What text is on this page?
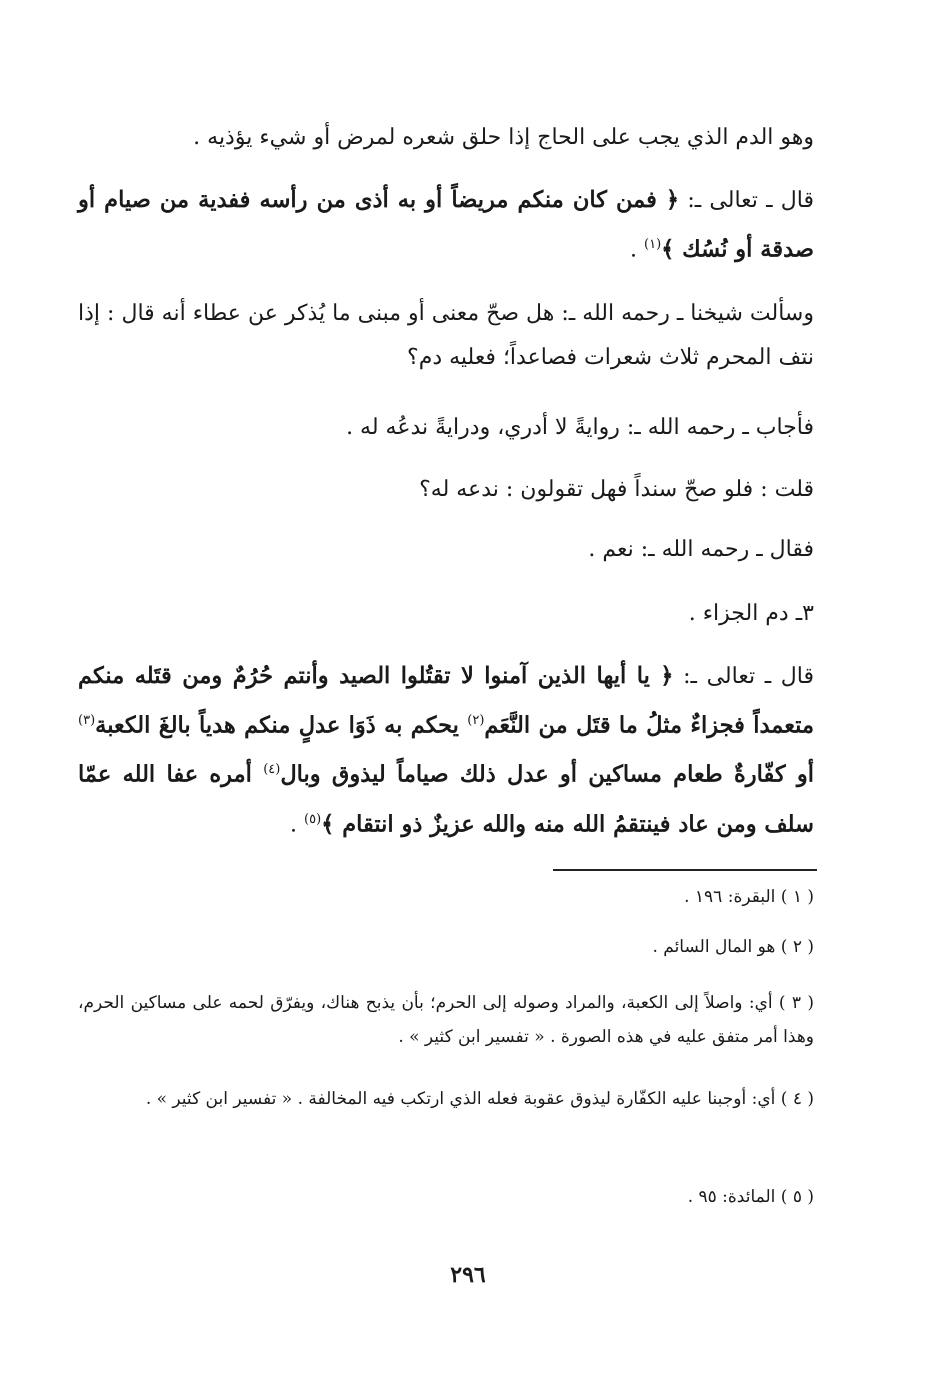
وهو الدم الذي يجب على الحاج إذا حلق شعره لمرض أو شيء يؤذيه .

قال ـ تعالى ـ: ﴿ فمن كان منكم مريضاً أو به أذى من رأسه ففدية من صيام أو صدقة أو نُسُك ﴾$^{(١)}$ .

وسألت شيخنا ـ رحمه الله ـ: هل صحّ معنى أو مبنى ما يُذكر عن عطاء أنه قال : إذا نتف المحرم ثلاث شعرات فصاعداً؛ فعليه دم؟

فأجاب ـ رحمه الله ـ: روايةً لا أدري، ودرايةً ندعُه له .

قلت : فلو صحّ سنداً فهل تقولون : ندعه له؟

فقال ـ رحمه الله ـ: نعم .

٣ـ دم الجزاء .

قال ـ تعالى ـ: ﴿ يا أيها الذين آمنوا لا تقتُلوا الصيد وأنتم حُرُمٌ ومن قتَله منكم متعمداً فجزاءٌ مثلُ ما قتَل من النَّعَم$^{(٢)}$ يحكم به ذَوَا عدلٍ منكم هدياً بالغَ الكعبة$^{(٣)}$ أو كفّارةٌ طعام مساكين أو عدل ذلك صياماً ليذوق وبال$^{(٤)}$ أمره عفا الله عمّا سلف ومن عاد فينتقمُ الله منه والله عزيزٌ ذو انتقام ﴾$^{(٥)}$ .

( ١ ) البقرة: ١٩٦ .

( ٢ ) هو المال السائم .

( ٣ ) أي: واصلاً إلى الكعبة، والمراد وصوله إلى الحرم؛ بأن يذبح هناك، ويفرّق لحمه على مساكين الحرم، وهذا أمر متفق عليه في هذه الصورة . « تفسير ابن كثير » .

( ٤ ) أي: أوجبنا عليه الكفّارة ليذوق عقوبة فعله الذي ارتكب فيه المخالفة . « تفسير ابن كثير » .

( ٥ ) المائدة: ٩٥ .

٢٩٦
